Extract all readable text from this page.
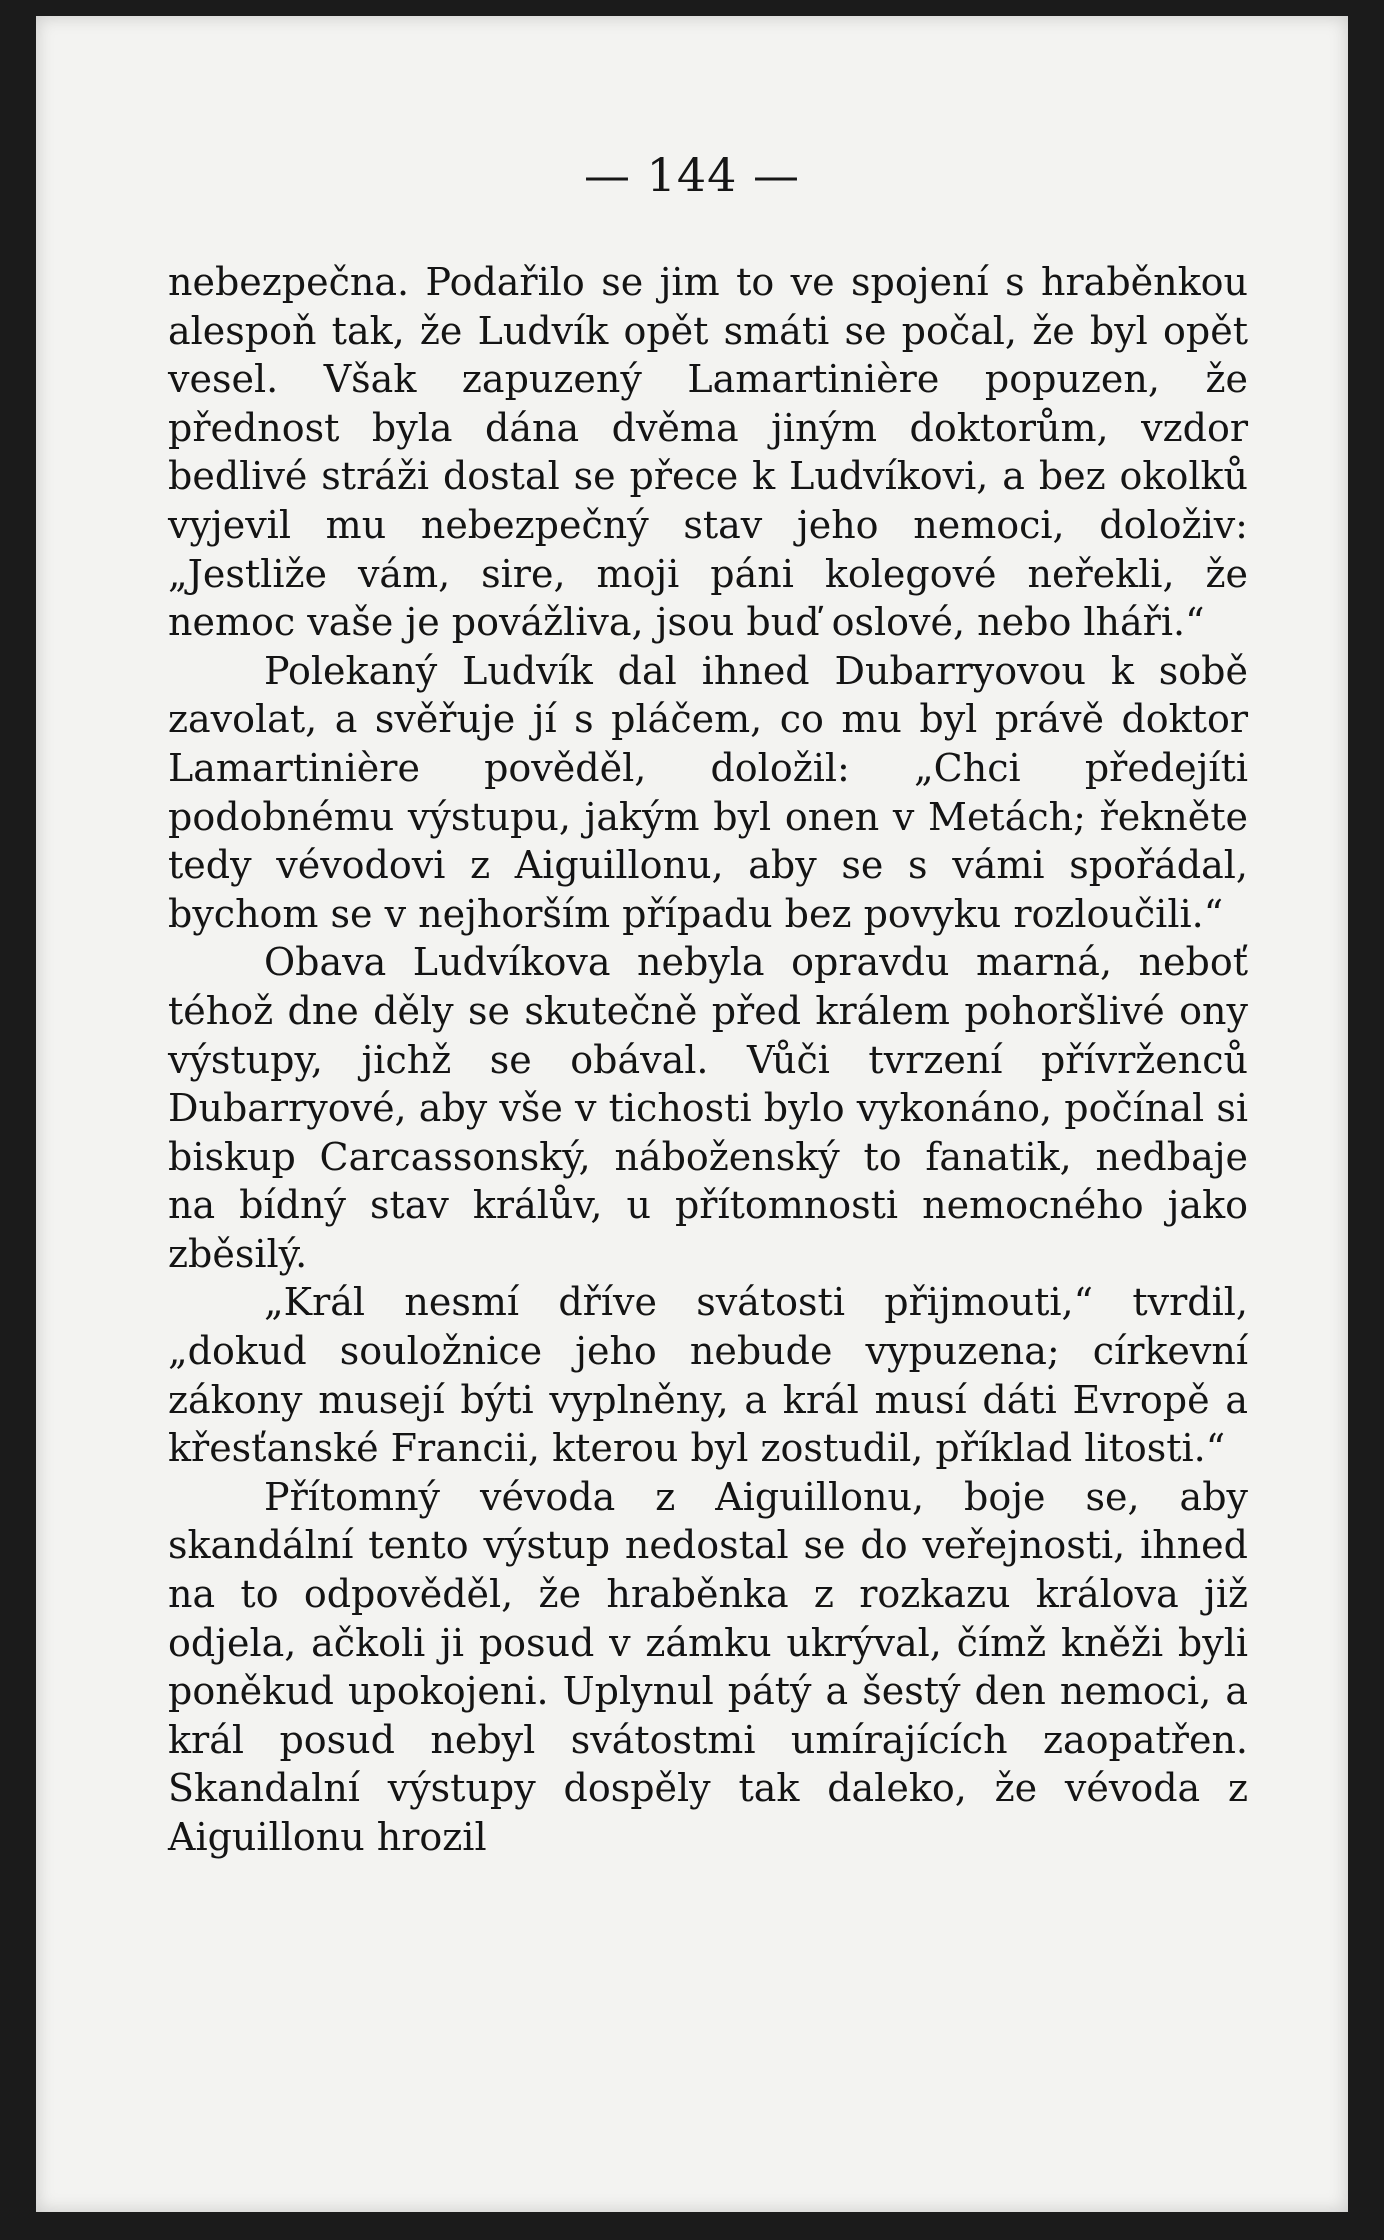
— 144 —

nebezpečna. Podařilo se jim to ve spojení s hraběnkou alespoň tak, že Ludvík opět smáti se počal, že byl opět vesel. Však zapuzený Lamartinière popuzen, že přednost byla dána dvěma jiným doktorům, vzdor bedlivé stráži dostal se přece k Ludvíkovi, a bez okolků vyjevil mu nebezpečný stav jeho nemoci, doloživ: „Jestliže vám, sire, moji páni kolegové neřekli, že nemoc vaše je povážliva, jsou buď oslové, nebo lháři.“

Polekaný Ludvík dal ihned Dubarryovou k sobě zavolat, a svěřuje jí s pláčem, co mu byl právě doktor Lamartinière pověděl, doložil: „Chci předejíti podobnému výstupu, jakým byl onen v Metách; řekněte tedy vévodovi z Aiguillonu, aby se s vámi spořádal, bychom se v nejhorším případu bez povyku rozloučili.“

Obava Ludvíkova nebyla opravdu marná, neboť téhož dne děly se skutečně před králem pohoršlivé ony výstupy, jichž se obával. Vůči tvrzení přívrženců Dubarryové, aby vše v tichosti bylo vykonáno, počínal si biskup Carcassonský, náboženský to fanatik, nedbaje na bídný stav králův, u přítomnosti nemocného jako zběsilý.

„Král nesmí dříve svátosti přijmouti,“ tvrdil, „dokud souložnice jeho nebude vypuzena; církevní zákony musejí býti vyplněny, a král musí dáti Evropě a křesťanské Francii, kterou byl zostudil, příklad litosti.“

Přítomný vévoda z Aiguillonu, boje se, aby skandální tento výstup nedostal se do veřejnosti, ihned na to odpověděl, že hraběnka z rozkazu králova již odjela, ačkoli ji posud v zámku ukrýval, čímž kněži byli poněkud upokojeni. Uplynul pátý a šestý den nemoci, a král posud nebyl svátostmi umírajících zaopatřen. Skandalní výstupy dospěly tak daleko, že vévoda z Aiguillonu hrozil
